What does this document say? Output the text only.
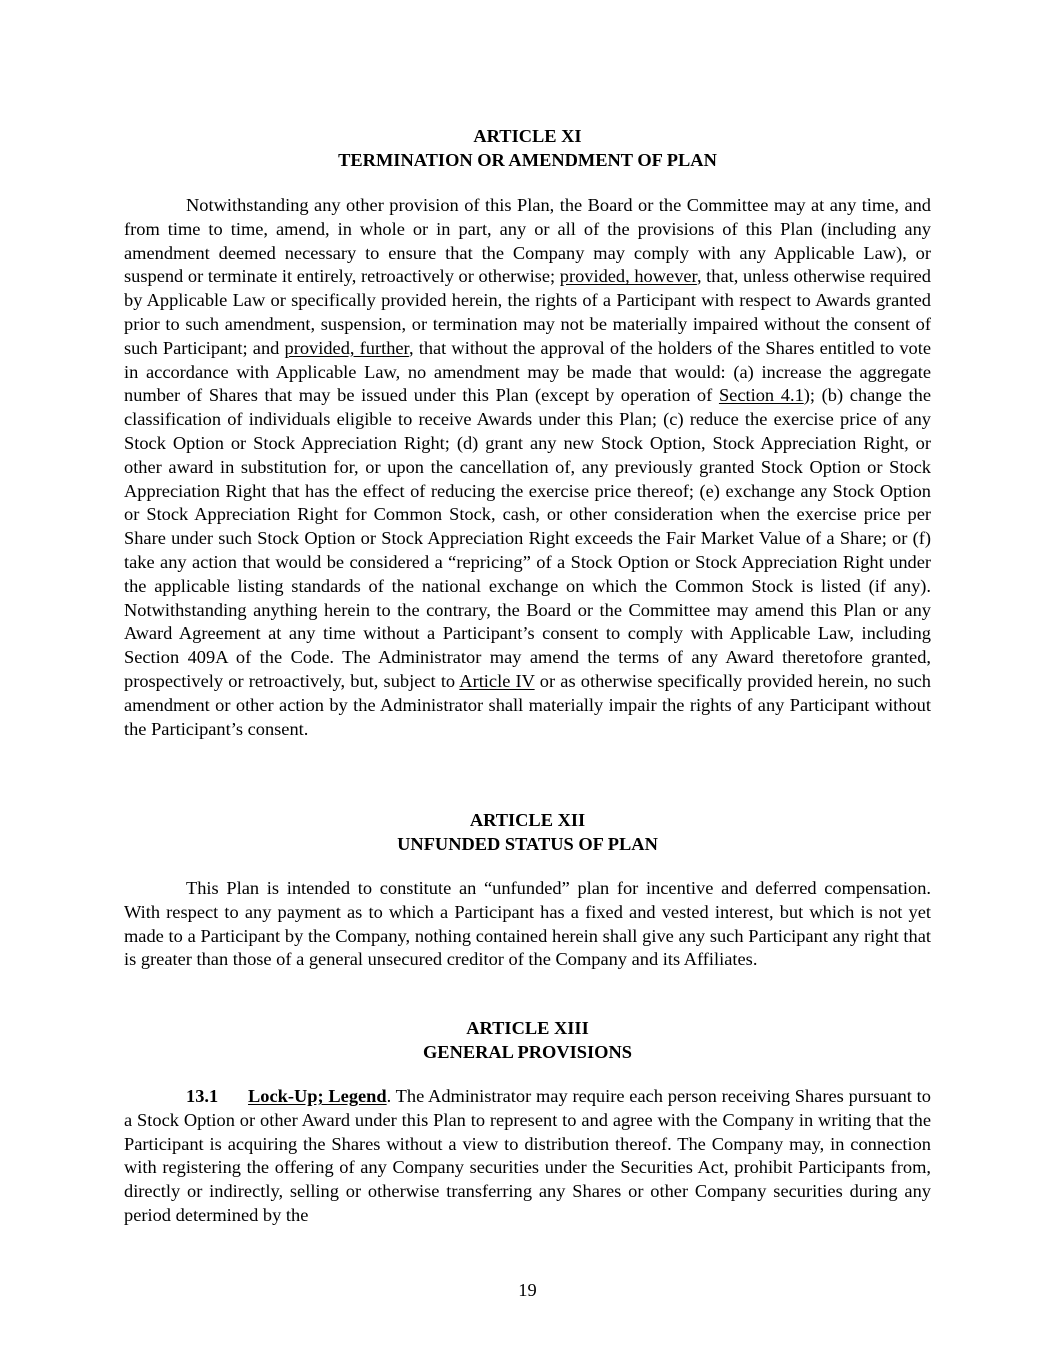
ARTICLE XI

TERMINATION OR AMENDMENT OF PLAN

Notwithstanding any other provision of this Plan, the Board or the Committee may at any time, and from time to time, amend, in whole or in part, any or all of the provisions of this Plan (including any amendment deemed necessary to ensure that the Company may comply with any Applicable Law), or suspend or terminate it entirely, retroactively or otherwise; provided, however, that, unless otherwise required by Applicable Law or specifically provided herein, the rights of a Participant with respect to Awards granted prior to such amendment, suspension, or termination may not be materially impaired without the consent of such Participant; and provided, further, that without the approval of the holders of the Shares entitled to vote in accordance with Applicable Law, no amendment may be made that would: (a) increase the aggregate number of Shares that may be issued under this Plan (except by operation of Section 4.1); (b) change the classification of individuals eligible to receive Awards under this Plan; (c) reduce the exercise price of any Stock Option or Stock Appreciation Right; (d) grant any new Stock Option, Stock Appreciation Right, or other award in substitution for, or upon the cancellation of, any previously granted Stock Option or Stock Appreciation Right that has the effect of reducing the exercise price thereof; (e) exchange any Stock Option or Stock Appreciation Right for Common Stock, cash, or other consideration when the exercise price per Share under such Stock Option or Stock Appreciation Right exceeds the Fair Market Value of a Share; or (f) take any action that would be considered a “repricing” of a Stock Option or Stock Appreciation Right under the applicable listing standards of the national exchange on which the Common Stock is listed (if any). Notwithstanding anything herein to the contrary, the Board or the Committee may amend this Plan or any Award Agreement at any time without a Participant’s consent to comply with Applicable Law, including Section 409A of the Code. The Administrator may amend the terms of any Award theretofore granted, prospectively or retroactively, but, subject to Article IV or as otherwise specifically provided herein, no such amendment or other action by the Administrator shall materially impair the rights of any Participant without the Participant’s consent.

ARTICLE XII

UNFUNDED STATUS OF PLAN

This Plan is intended to constitute an “unfunded” plan for incentive and deferred compensation. With respect to any payment as to which a Participant has a fixed and vested interest, but which is not yet made to a Participant by the Company, nothing contained herein shall give any such Participant any right that is greater than those of a general unsecured creditor of the Company and its Affiliates.

ARTICLE XIII

GENERAL PROVISIONS

13.1 Lock-Up; Legend. The Administrator may require each person receiving Shares pursuant to a Stock Option or other Award under this Plan to represent to and agree with the Company in writing that the Participant is acquiring the Shares without a view to distribution thereof. The Company may, in connection with registering the offering of any Company securities under the Securities Act, prohibit Participants from, directly or indirectly, selling or otherwise transferring any Shares or other Company securities during any period determined by the

19
